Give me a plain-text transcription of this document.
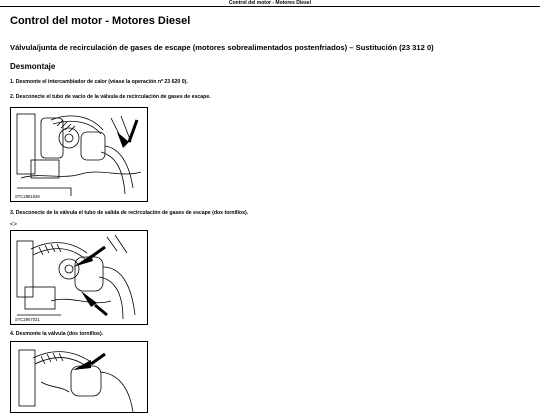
Control del motor - Motores Diesel
Control del motor - Motores Diesel
Válvula/junta de recirculación de gases de escape (motores sobrealimentados postenfriados) – Sustitución (23 312 0)
Desmontaje
1. Desmonte el intercambiador de calor (véase la operación nº 23 620 0).
2. Desconecte el tubo de vacío de la válvula de recirculación de gases de escape.
STC2981938
3. Desconecte de la válvula el tubo de salida de recirculación de gases de escape (dos tornillos).
<>
STC2907031
4. Desmonte la válvula (dos tornillos).
